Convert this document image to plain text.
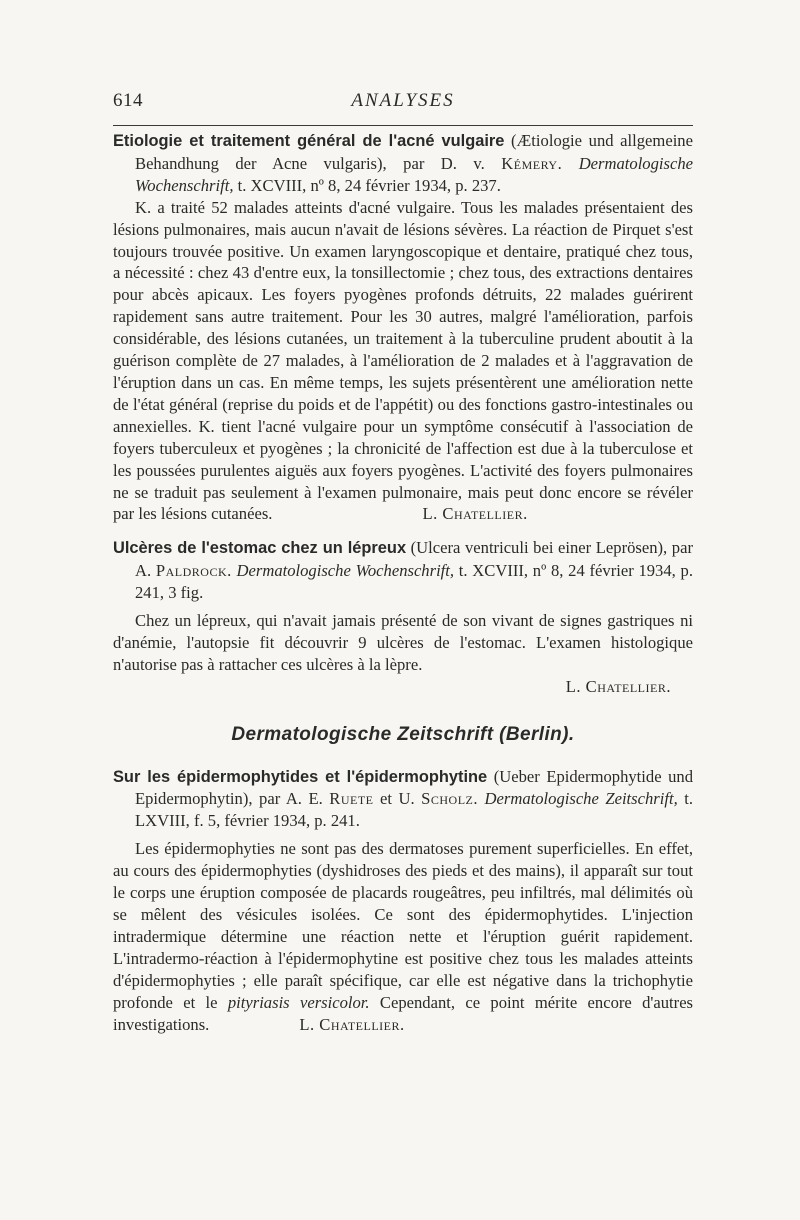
614	ANALYSES

Etiologie et traitement général de l'acné vulgaire (Ætiologie und allgemeine Behandhung der Acne vulgaris), par D. v. Kémery. Dermatologische Wochenschrift, t. XCVIII, nº 8, 24 février 1934, p. 237.

K. a traité 52 malades atteints d'acné vulgaire. Tous les malades présentaient des lésions pulmonaires, mais aucun n'avait de lésions sévères. La réaction de Pirquet s'est toujours trouvée positive. Un examen laryngoscopique et dentaire, pratiqué chez tous, a nécessité : chez 43 d'entre eux, la tonsillectomie ; chez tous, des extractions dentaires pour abcès apicaux. Les foyers pyogènes profonds détruits, 22 malades guérirent rapidement sans autre traitement. Pour les 30 autres, malgré l'amélioration, parfois considérable, des lésions cutanées, un traitement à la tuberculine prudent aboutit à la guérison complète de 27 malades, à l'amélioration de 2 malades et à l'aggravation de l'éruption dans un cas. En même temps, les sujets présentèrent une amélioration nette de l'état général (reprise du poids et de l'appétit) ou des fonctions gastro-intestinales ou annexielles. K. tient l'acné vulgaire pour un symptôme consécutif à l'association de foyers tuberculeux et pyogènes ; la chronicité de l'affection est due à la tuberculose et les poussées purulentes aiguës aux foyers pyogènes. L'activité des foyers pulmonaires ne se traduit pas seulement à l'examen pulmonaire, mais peut donc encore se révéler par les lésions cutanées.	L. Chatellier.

Ulcères de l'estomac chez un lépreux (Ulcera ventriculi bei einer Leprösen), par A. Paldrock. Dermatologische Wochenschrift, t. XCVIII, nº 8, 24 février 1934, p. 241, 3 fig.

Chez un lépreux, qui n'avait jamais présenté de son vivant de signes gastriques ni d'anémie, l'autopsie fit découvrir 9 ulcères de l'estomac. L'examen histologique n'autorise pas à rattacher ces ulcères à la lèpre.

L. Chatellier.

Dermatologische Zeitschrift (Berlin).

Sur les épidermophytides et l'épidermophytine (Ueber Epidermophytide und Epidermophytin), par A. E. Ruete et U. Scholz. Dermatologische Zeitschrift, t. LXVIII, f. 5, février 1934, p. 241.

Les épidermophyties ne sont pas des dermatoses purement superficielles. En effet, au cours des épidermophyties (dyshidroses des pieds et des mains), il apparaît sur tout le corps une éruption composée de placards rougeâtres, peu infiltrés, mal délimités où se mêlent des vésicules isolées. Ce sont des épidermophytides. L'injection intradermique détermine une réaction nette et l'éruption guérit rapidement. L'intradermo-réaction à l'épidermophytine est positive chez tous les malades atteints d'épidermophyties ; elle paraît spécifique, car elle est négative dans la trichophytie profonde et le pityriasis versicolor. Cependant, ce point mérite encore d'autres investigations.	L. Chatellier.
